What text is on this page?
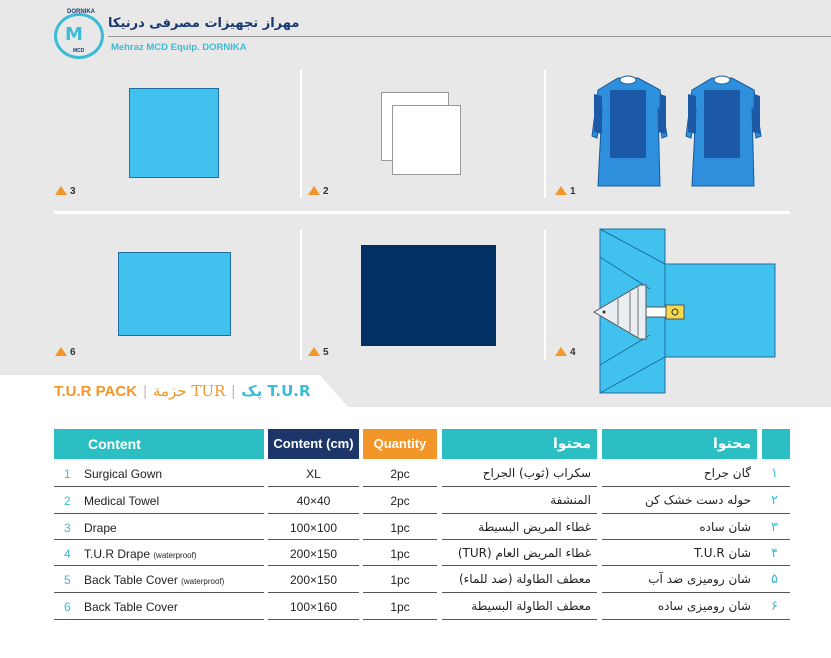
M
DORNIKA
MCD
مهراز تجهیزات مصرفی درنیکا
Mehraz MCD Equip. DORNIKA
3	2	1
6	5	4
T.U.R PACK | حزمة TUR | پک T.U.R
Content	Content (cm)	Quantity	محتوا	محتوا
1 Surgical Gown	XL	2pc	سكراب (ثوب) الجراح	گان جراح ۱
2 Medical Towel	40×40	2pc	المنشفة	حوله دست خشک کن ۲
3 Drape	100×100	1pc	غطاء المريض البسيطة	شان ساده ۳
4 T.U.R Drape (waterproof)	200×150	1pc	غطاء المريض العام (TUR)	شان T.U.R ۴
5 Back Table Cover (waterproof)	200×150	1pc	معطف الطاولة (ضد للماء)	شان رومیزی ضد آب ۵
6 Back Table Cover	100×160	1pc	معطف الطاولة البسيطة	شان رومیزی ساده ۶
